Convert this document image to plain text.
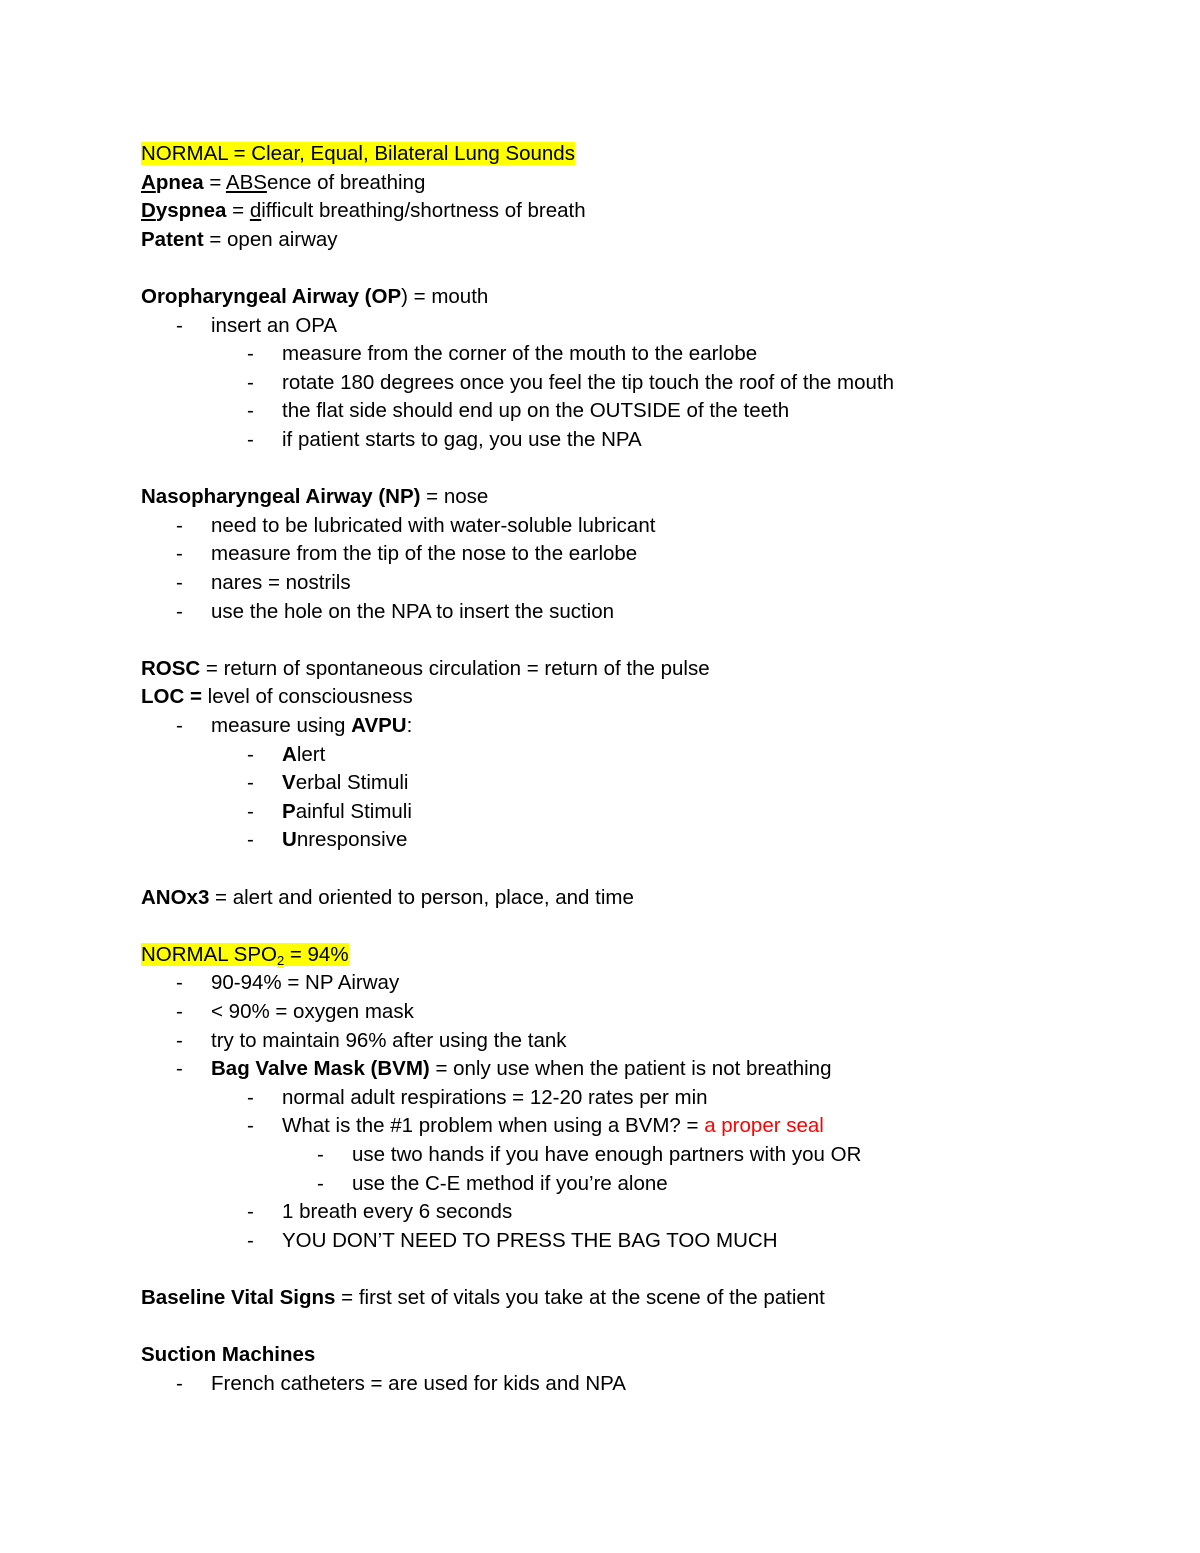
NORMAL = Clear, Equal, Bilateral Lung Sounds
Apnea = ABSence of breathing
Dyspnea = difficult breathing/shortness of breath
Patent = open airway
Oropharyngeal Airway (OP) = mouth
-	insert an OPA
-	measure from the corner of the mouth to the earlobe
-	rotate 180 degrees once you feel the tip touch the roof of the mouth
-	the flat side should end up on the OUTSIDE of the teeth
-	if patient starts to gag, you use the NPA
Nasopharyngeal Airway (NP) = nose
-	need to be lubricated with water-soluble lubricant
-	measure from the tip of the nose to the earlobe
-	nares = nostrils
-	use the hole on the NPA to insert the suction
ROSC = return of spontaneous circulation = return of the pulse
LOC = level of consciousness
-	measure using AVPU:
-	Alert
-	Verbal Stimuli
-	Painful Stimuli
-	Unresponsive
ANOx3 = alert and oriented to person, place, and time
NORMAL $SPO_2 = 94\%$
-	90-94% = NP Airway
-	< 90% = oxygen mask
-	try to maintain 96% after using the tank
-	Bag Valve Mask (BVM) = only use when the patient is not breathing
-	normal adult respirations = 12-20 rates per min
-	What is the #1 problem when using a BVM? = a proper seal
-	use two hands if you have enough partners with you OR
-	use the C-E method if you’re alone
-	1 breath every 6 seconds
-	YOU DON’T NEED TO PRESS THE BAG TOO MUCH
Baseline Vital Signs = first set of vitals you take at the scene of the patient
Suction Machines
-	French catheters = are used for kids and NPA
